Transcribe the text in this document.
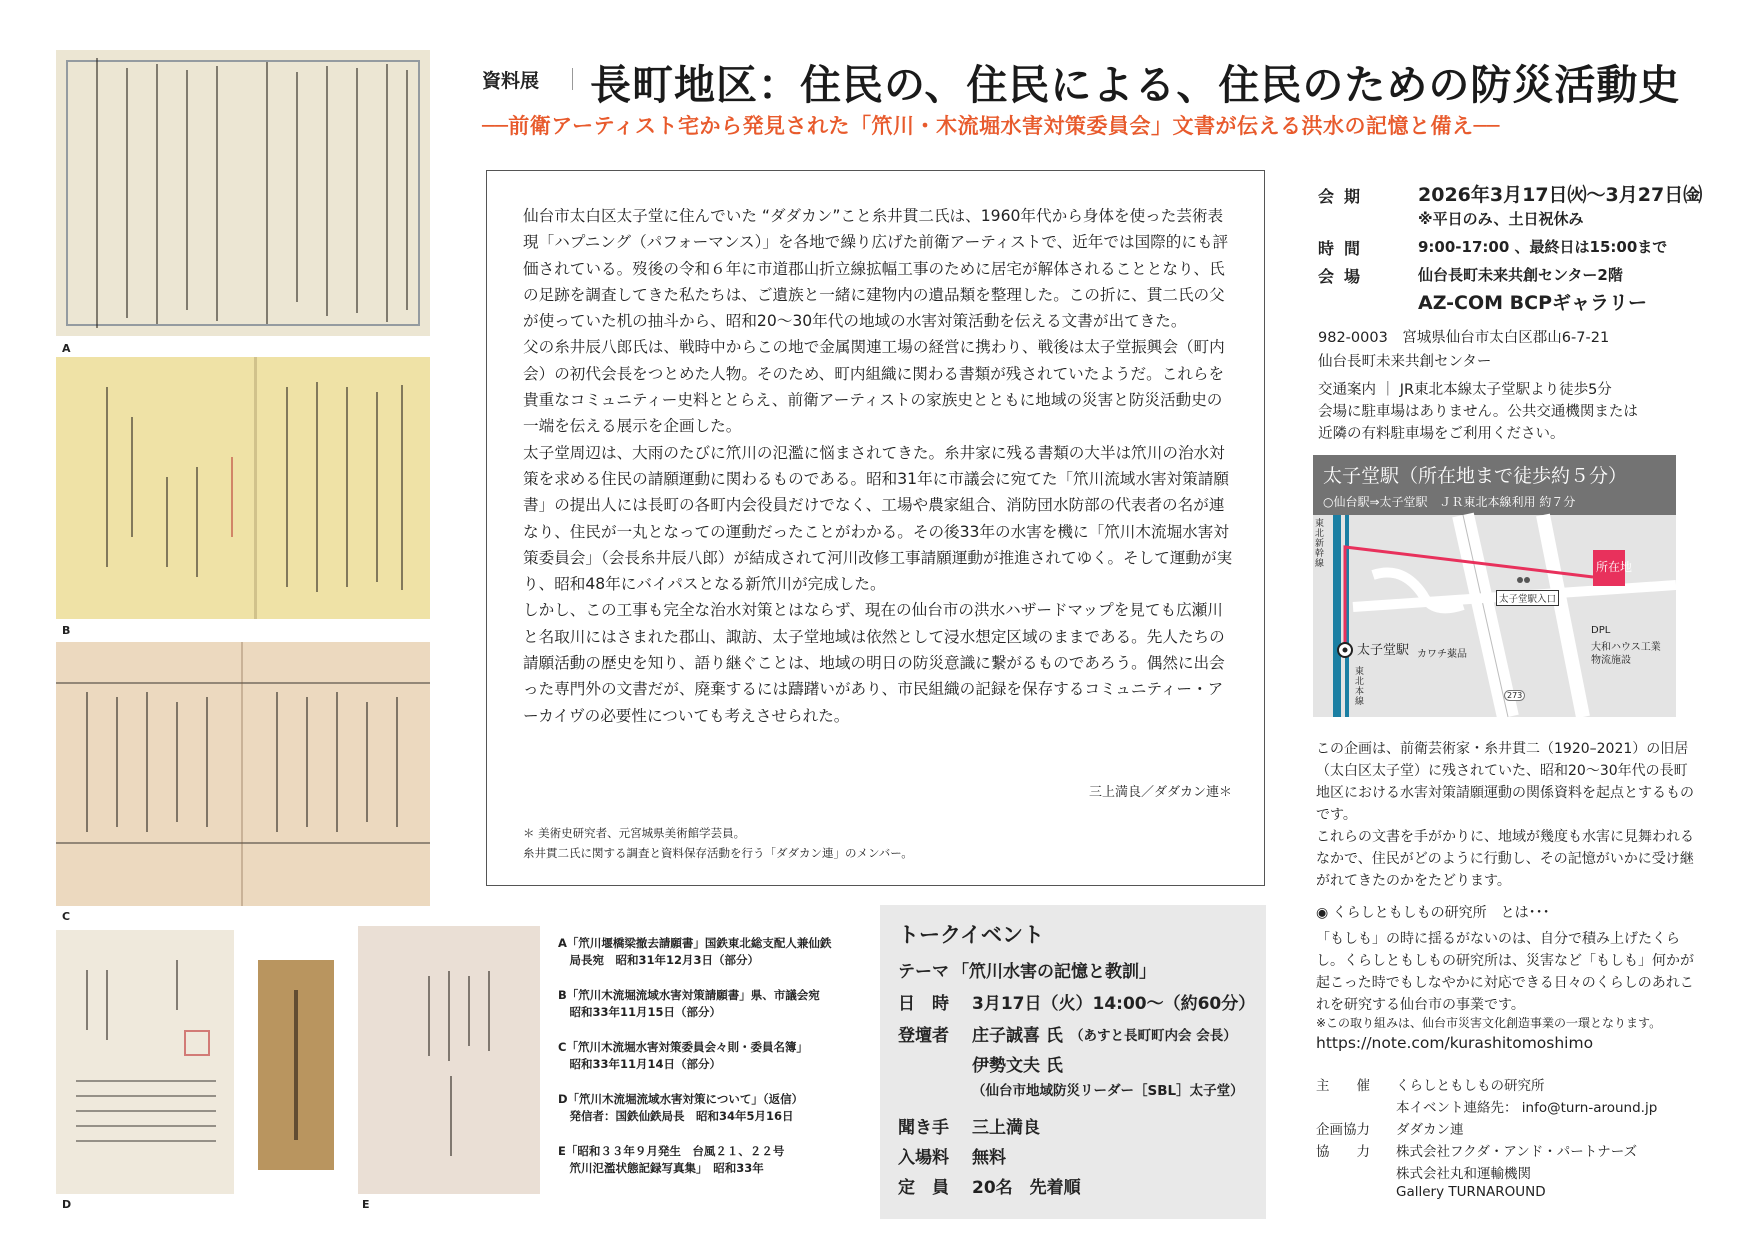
A
B
C
D	E
A「笊川堰橋梁撤去請願書」国鉄東北総支配人兼仙鉄
　局長宛　昭和31年12月3日（部分）
B「笊川木流堀流域水害対策請願書」県、市議会宛
　昭和33年11月15日（部分）
C「笊川木流堀水害対策委員会々則・委員名簿」
　昭和33年11月14日（部分）
D「笊川木流堀流域水害対策について」（返信）
　発信者：国鉄仙鉄局長　昭和34年5月16日
E「昭和３３年９月発生　台風２１、２２号
　笊川氾濫状態記録写真集」　昭和33年
資料展 長町地区：住民の、住民による、住民のための防災活動史
──前衛アーティスト宅から発見された「笊川・木流堀水害対策委員会」文書が伝える洪水の記憶と備え──

仙台市太白区太子堂に住んでいた “ダダカン”こと糸井貫二氏は、1960年代から身体を使った芸術表現「ハプニング（パフォーマンス）」を各地で繰り広げた前衛アーティストで、近年では国際的にも評価されている。歿後の令和６年に市道郡山折立線拡幅工事のために居宅が解体されることとなり、氏の足跡を調査してきた私たちは、ご遺族と一緒に建物内の遺品類を整理した。この折に、貫二氏の父が使っていた机の抽斗から、昭和20〜30年代の地域の水害対策活動を伝える文書が出てきた。

父の糸井辰八郎氏は、戦時中からこの地で金属関連工場の経営に携わり、戦後は太子堂振興会（町内会）の初代会長をつとめた人物。そのため、町内組織に関わる書類が残されていたようだ。これらを貴重なコミュニティー史料ととらえ、前衛アーティストの家族史とともに地域の災害と防災活動史の一端を伝える展示を企画した。

太子堂周辺は、大雨のたびに笊川の氾濫に悩まされてきた。糸井家に残る書類の大半は笊川の治水対策を求める住民の請願運動に関わるものである。昭和31年に市議会に宛てた「笊川流域水害対策請願書」の提出人には長町の各町内会役員だけでなく、工場や農家組合、消防団水防部の代表者の名が連なり、住民が一丸となっての運動だったことがわかる。その後33年の水害を機に「笊川木流堀水害対策委員会」（会長糸井辰八郎）が結成されて河川改修工事請願運動が推進されてゆく。そして運動が実り、昭和48年にバイパスとなる新笊川が完成した。

しかし、この工事も完全な治水対策とはならず、現在の仙台市の洪水ハザードマップを見ても広瀬川と名取川にはさまれた郡山、諏訪、太子堂地域は依然として浸水想定区域のままである。先人たちの請願活動の歴史を知り、語り継ぐことは、地域の明日の防災意識に繋がるものであろう。偶然に出会った専門外の文書だが、廃棄するには躊躇いがあり、市民組織の記録を保存するコミュニティー・アーカイヴの必要性についても考えさせられた。

三上満良／ダダカン連＊
＊ 美術史研究者、元宮城県美術館学芸員。
糸井貫二氏に関する調査と資料保存活動を行う「ダダカン連」のメンバー。
会期	2026年3月17日㈫〜3月27日㈮
※平日のみ、土日祝休み
時間	9:00-17:00 、最終日は15:00まで
会場	仙台長町未来共創センター2階
AZ-COM BCPギャラリー
982-0003　宮城県仙台市太白区郡山6-7-21
仙台長町未来共創センター
交通案内 ｜ JR東北本線太子堂駅より徒歩5分
会場に駐車場はありません。公共交通機関または
近隣の有料駐車場をご利用ください。
太子堂駅（所在地まで徒歩約５分）
○仙台駅⇒太子堂駅　ＪＲ東北本線利用 約７分
太子堂駅
所在地
カワチ薬品
太子堂駅入口
東北新幹線
東北本線
DPL
大和ハウス工業
物流施設
273
この企画は、前衛芸術家・糸井貫二（1920–2021）の旧居（太白区太子堂）に残されていた、昭和20〜30年代の長町地区における水害対策請願運動の関係資料を起点とするものです。
これらの文書を手がかりに、地域が幾度も水害に見舞われるなかで、住民がどのように行動し、その記憶がいかに受け継がれてきたのかをたどります。
◉ くらしともしもの研究所　とは･･･
「もしも」の時に揺るがないのは、自分で積み上げたくらし。くらしともしもの研究所は、災害など「もしも」何かが起こった時でもしなやかに対応できる日々のくらしのあれこれを研究する仙台市の事業です。
※この取り組みは、仙台市災害文化創造事業の一環となります。
https://note.com/kurashitomoshimo
主　　催 くらしともしもの研究所
本イベント連絡先： info@turn-around.jp
企画協力 ダダカン連
協　　力 株式会社フクダ・アンド・パートナーズ
株式会社丸和運輸機関
Gallery TURNAROUND
トークイベント
テーマ 「笊川水害の記憶と教訓」
日　時 3月17日（火）14:00〜（約60分）
登壇者 庄子誠喜 氏 （あすと長町町内会 会長）
伊勢文夫 氏
（仙台市地域防災リーダー［SBL］太子堂）
聞き手 三上満良
入場料 無料
定　員 20名　先着順
